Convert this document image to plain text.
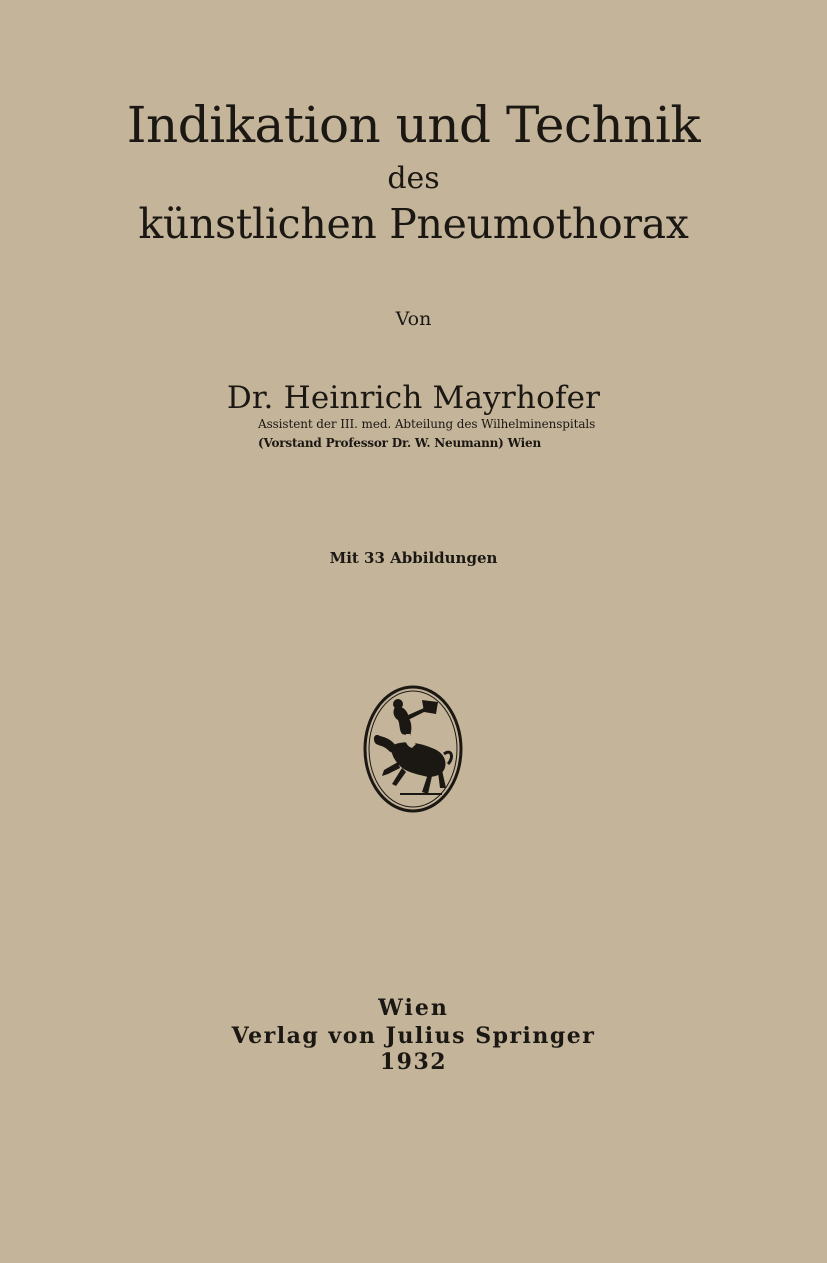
Indikation und Technik
des
künstlichen Pneumothorax
Von
Dr. Heinrich Mayrhofer
Assistent der III. med. Abteilung des Wilhelminenspitals
(Vorstand Professor Dr. W. Neumann) Wien
Mit 33 Abbildungen
Wien
Verlag von Julius Springer
1932
